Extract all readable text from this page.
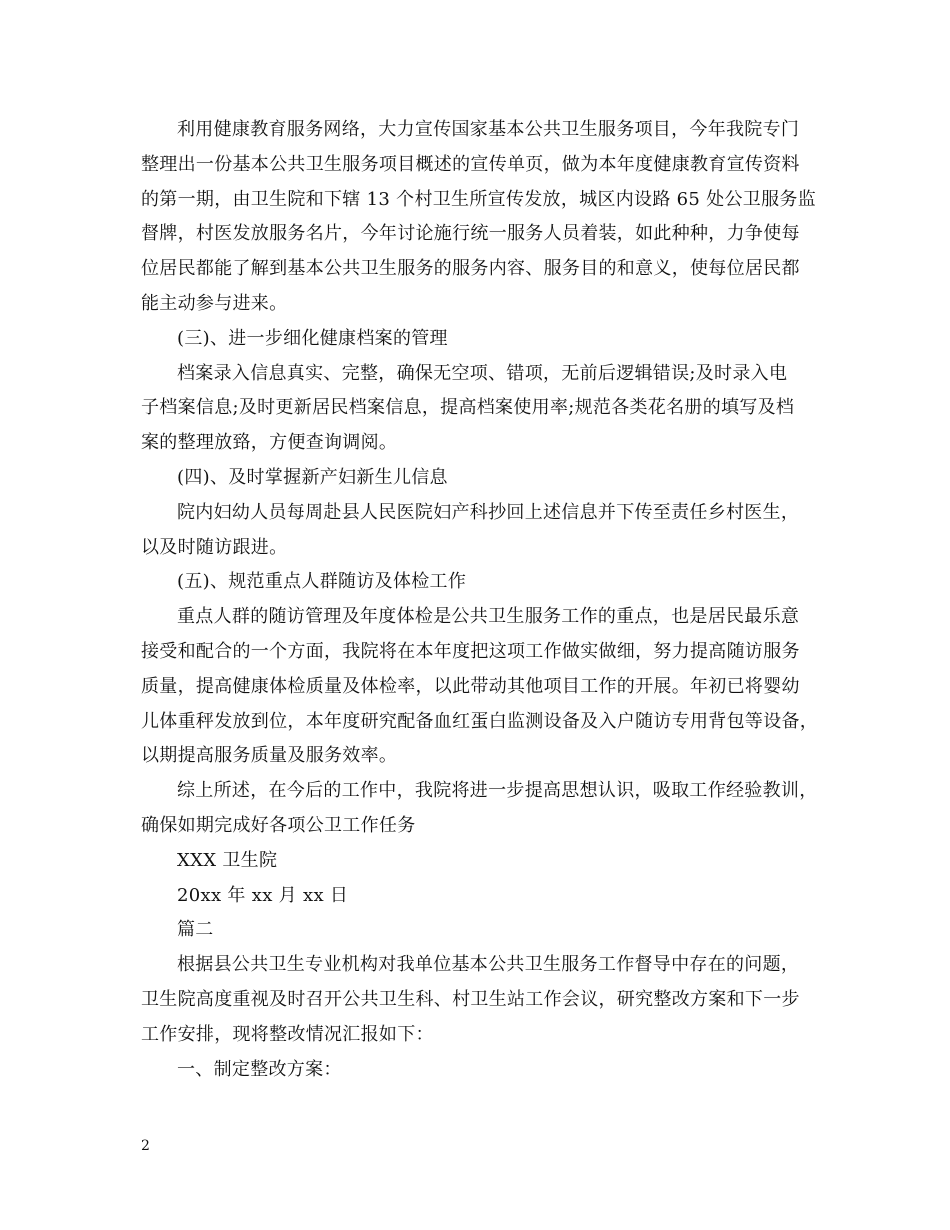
利用健康教育服务网络，大力宣传国家基本公共卫生服务项目，今年我院专门
整理出一份基本公共卫生服务项目概述的宣传单页，做为本年度健康教育宣传资料
的第一期，由卫生院和下辖 13 个村卫生所宣传发放，城区内设路 65 处公卫服务监
督牌，村医发放服务名片，今年讨论施行统一服务人员着装，如此种种，力争使每
位居民都能了解到基本公共卫生服务的服务内容、服务目的和意义，使每位居民都
能主动参与进来。
(三)、进一步细化健康档案的管理
档案录入信息真实、完整，确保无空项、错项，无前后逻辑错误;及时录入电
子档案信息;及时更新居民档案信息，提高档案使用率;规范各类花名册的填写及档
案的整理放臵，方便查询调阅。
(四)、及时掌握新产妇新生儿信息
院内妇幼人员每周赴县人民医院妇产科抄回上述信息并下传至责任乡村医生，
以及时随访跟进。
(五)、规范重点人群随访及体检工作
重点人群的随访管理及年度体检是公共卫生服务工作的重点，也是居民最乐意
接受和配合的一个方面，我院将在本年度把这项工作做实做细，努力提高随访服务
质量，提高健康体检质量及体检率，以此带动其他项目工作的开展。年初已将婴幼
儿体重秤发放到位，本年度研究配备血红蛋白监测设备及入户随访专用背包等设备，
以期提高服务质量及服务效率。
综上所述，在今后的工作中，我院将进一步提高思想认识，吸取工作经验教训，
确保如期完成好各项公卫工作任务
XXX 卫生院
20xx 年 xx 月 xx 日
篇二
根据县公共卫生专业机构对我单位基本公共卫生服务工作督导中存在的问题，
卫生院高度重视及时召开公共卫生科、村卫生站工作会议，研究整改方案和下一步
工作安排，现将整改情况汇报如下：
一、制定整改方案：
2
